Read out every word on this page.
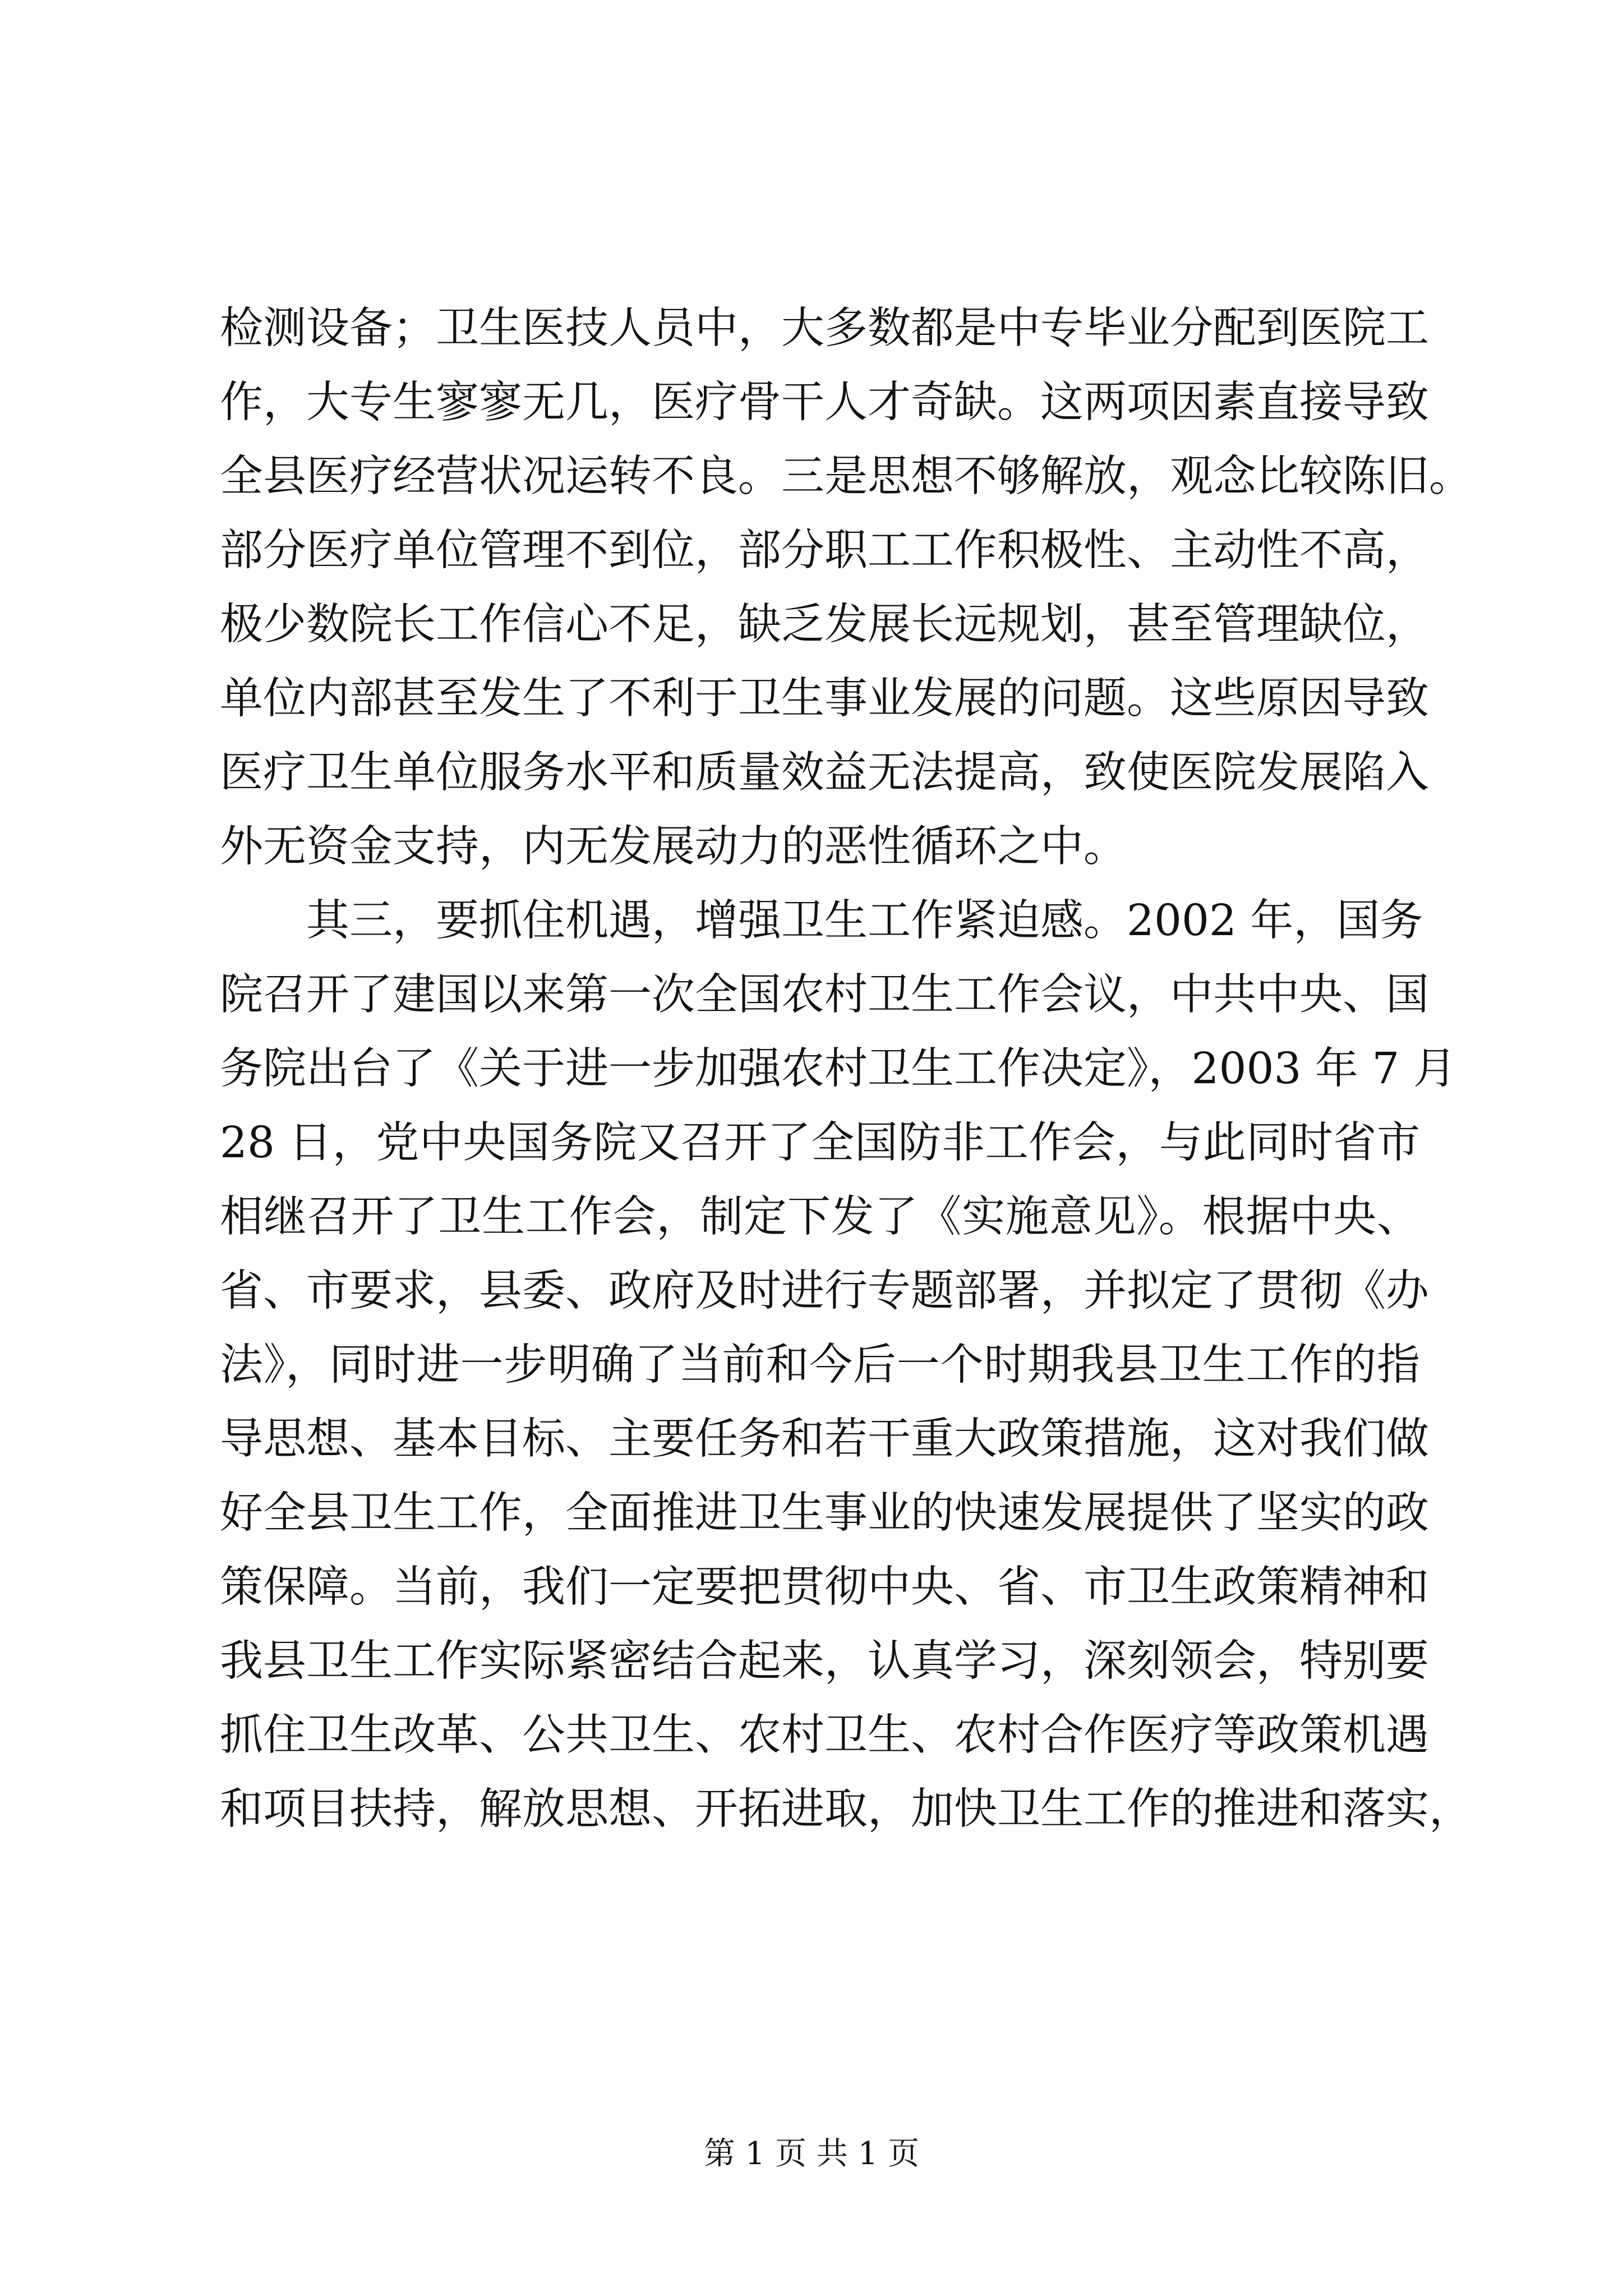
检测设备；卫生医技人员中，大多数都是中专毕业分配到医院工
作，大专生寥寥无几，医疗骨干人才奇缺。这两项因素直接导致
全县医疗经营状况运转不良。三是思想不够解放，观念比较陈旧。
部分医疗单位管理不到位，部分职工工作积极性、主动性不高，
极少数院长工作信心不足，缺乏发展长远规划，甚至管理缺位，
单位内部甚至发生了不利于卫生事业发展的问题。这些原因导致
医疗卫生单位服务水平和质量效益无法提高，致使医院发展陷入
外无资金支持，内无发展动力的恶性循环之中。
　　其三，要抓住机遇，增强卫生工作紧迫感。2002 年，国务
院召开了建国以来第一次全国农村卫生工作会议，中共中央、国
务院出台了《关于进一步加强农村卫生工作决定》，2003 年 7 月
28 日，党中央国务院又召开了全国防非工作会，与此同时省市
相继召开了卫生工作会，制定下发了《实施意见》。根据中央、
省、市要求，县委、政府及时进行专题部署，并拟定了贯彻《办
法》，同时进一步明确了当前和今后一个时期我县卫生工作的指
导思想、基本目标、主要任务和若干重大政策措施，这对我们做
好全县卫生工作，全面推进卫生事业的快速发展提供了坚实的政
策保障。当前，我们一定要把贯彻中央、省、市卫生政策精神和
我县卫生工作实际紧密结合起来，认真学习，深刻领会，特别要
抓住卫生改革、公共卫生、农村卫生、农村合作医疗等政策机遇
和项目扶持，解放思想、开拓进取，加快卫生工作的推进和落实，
第 1 页 共 1 页
